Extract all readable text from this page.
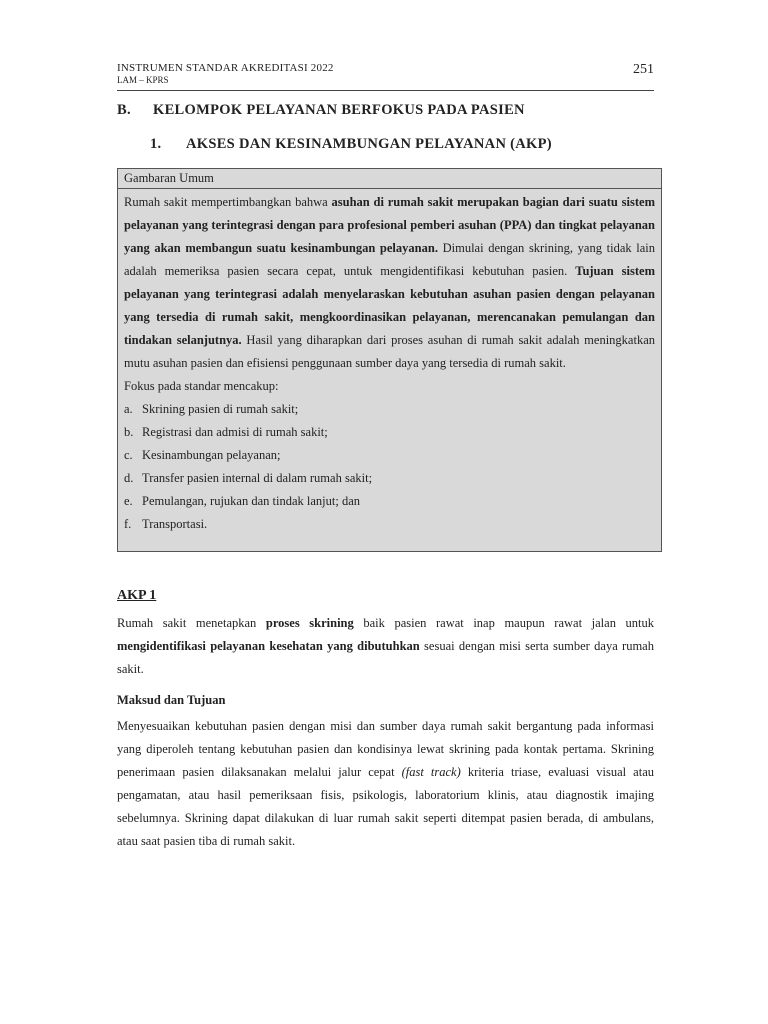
INSTRUMEN STANDAR AKREDITASI 2022
LAM – KPRS
251
B. KELOMPOK PELAYANAN BERFOKUS PADA PASIEN
1. AKSES DAN KESINAMBUNGAN PELAYANAN (AKP)
Gambaran Umum

Rumah sakit mempertimbangkan bahwa asuhan di rumah sakit merupakan bagian dari suatu sistem pelayanan yang terintegrasi dengan para profesional pemberi asuhan (PPA) dan tingkat pelayanan yang akan membangun suatu kesinambungan pelayanan. Dimulai dengan skrining, yang tidak lain adalah memeriksa pasien secara cepat, untuk mengidentifikasi kebutuhan pasien. Tujuan sistem pelayanan yang terintegrasi adalah menyelaraskan kebutuhan asuhan pasien dengan pelayanan yang tersedia di rumah sakit, mengkoordinasikan pelayanan, merencanakan pemulangan dan tindakan selanjutnya. Hasil yang diharapkan dari proses asuhan di rumah sakit adalah meningkatkan mutu asuhan pasien dan efisiensi penggunaan sumber daya yang tersedia di rumah sakit.

Fokus pada standar mencakup:

a. Skrining pasien di rumah sakit;
b. Registrasi dan admisi di rumah sakit;
c. Kesinambungan pelayanan;
d. Transfer pasien internal di dalam rumah sakit;
e. Pemulangan, rujukan dan tindak lanjut; dan
f. Transportasi.
AKP 1

Rumah sakit menetapkan proses skrining baik pasien rawat inap maupun rawat jalan untuk mengidentifikasi pelayanan kesehatan yang dibutuhkan sesuai dengan misi serta sumber daya rumah sakit.

Maksud dan Tujuan

Menyesuaikan kebutuhan pasien dengan misi dan sumber daya rumah sakit bergantung pada informasi yang diperoleh tentang kebutuhan pasien dan kondisinya lewat skrining pada kontak pertama. Skrining penerimaan pasien dilaksanakan melalui jalur cepat (fast track) kriteria triase, evaluasi visual atau pengamatan, atau hasil pemeriksaan fisis, psikologis, laboratorium klinis, atau diagnostik imajing sebelumnya. Skrining dapat dilakukan di luar rumah sakit seperti ditempat pasien berada, di ambulans, atau saat pasien tiba di rumah sakit.
